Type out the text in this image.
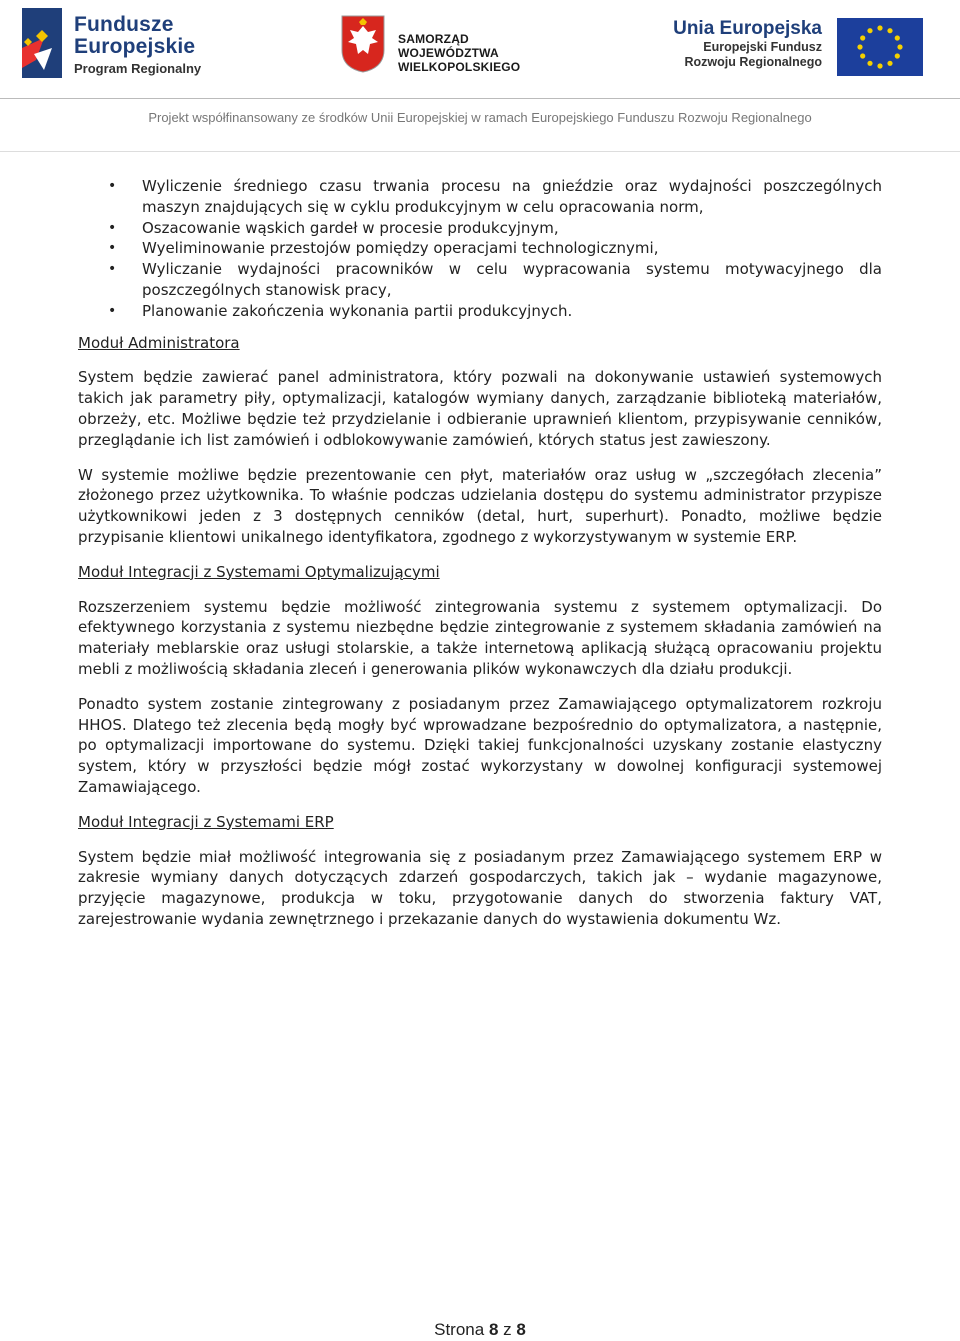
Fundusze
Europejskie
Program Regionalny
SAMORZĄD WOJEWÓDZTWA
WIELKOPOLSKIEGO
Unia Europejska
Europejski Fundusz
Rozwoju Regionalnego
Projekt współfinansowany ze środków Unii Europejskiej w ramach Europejskiego Funduszu Rozwoju Regionalnego
• Wyliczenie średniego czasu trwania procesu na gnieździe oraz wydajności poszczególnych maszyn znajdujących się w cyklu produkcyjnym w celu opracowania norm,
• Oszacowanie wąskich gardeł w procesie produkcyjnym,
• Wyeliminowanie przestojów pomiędzy operacjami technologicznymi,
• Wyliczanie wydajności pracowników w celu wypracowania systemu motywacyjnego dla poszczególnych stanowisk pracy,
• Planowanie zakończenia wykonania partii produkcyjnych.
Moduł Administratora

System będzie zawierać panel administratora, który pozwali na dokonywanie ustawień systemowych takich jak parametry piły, optymalizacji, katalogów wymiany danych, zarządzanie biblioteką materiałów, obrzeży, etc. Możliwe będzie też przydzielanie i odbieranie uprawnień klientom, przypisywanie cenników, przeglądanie ich list zamówień i odblokowywanie zamówień, których status jest zawieszony.

W systemie możliwe będzie prezentowanie cen płyt, materiałów oraz usług w „szczegółach zlecenia” złożonego przez użytkownika. To właśnie podczas udzielania dostępu do systemu administrator przypisze użytkownikowi jeden z 3 dostępnych cenników (detal, hurt, superhurt). Ponadto, możliwe będzie przypisanie klientowi unikalnego identyfikatora, zgodnego z wykorzystywanym w systemie ERP.

Moduł Integracji z Systemami Optymalizującymi

Rozszerzeniem systemu będzie możliwość zintegrowania systemu z systemem optymalizacji. Do efektywnego korzystania z systemu niezbędne będzie zintegrowanie z systemem składania zamówień na materiały meblarskie oraz usługi stolarskie, a także internetową aplikacją służącą opracowaniu projektu mebli z możliwością składania zleceń i generowania plików wykonawczych dla działu produkcji.

Ponadto system zostanie zintegrowany z posiadanym przez Zamawiającego optymalizatorem rozkroju HHOS. Dlatego też zlecenia będą mogły być wprowadzane bezpośrednio do optymalizatora, a następnie, po optymalizacji importowane do systemu. Dzięki takiej funkcjonalności uzyskany zostanie elastyczny system, który w przyszłości będzie mógł zostać wykorzystany w dowolnej konfiguracji systemowej Zamawiającego.

Moduł Integracji z Systemami ERP

System będzie miał możliwość integrowania się z posiadanym przez Zamawiającego systemem ERP w zakresie wymiany danych dotyczących zdarzeń gospodarczych, takich jak – wydanie magazynowe, przyjęcie magazynowe, produkcja w toku, przygotowanie danych do stworzenia faktury VAT, zarejestrowanie wydania zewnętrznego i przekazanie danych do wystawienia dokumentu Wz.

Strona 8 z 8
